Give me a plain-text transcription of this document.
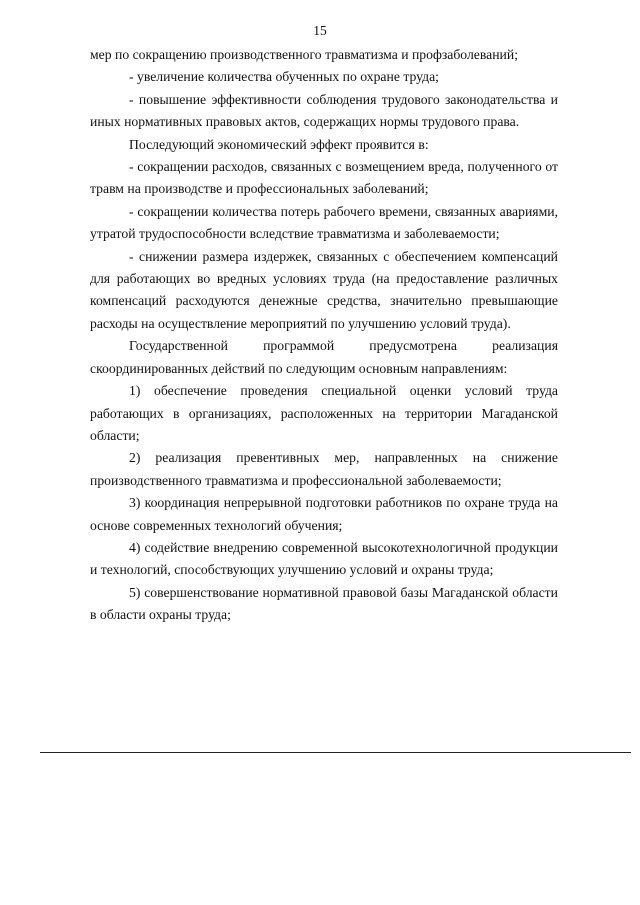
15

мер по сокращению производственного травматизма и профзаболеваний;

- увеличение количества обученных по охране труда;

- повышение эффективности соблюдения трудового законодательства и иных нормативных правовых актов, содержащих нормы трудового права.

Последующий экономический эффект проявится в:

- сокращении расходов, связанных с возмещением вреда, полученного от травм на производстве и профессиональных заболеваний;

- сокращении количества потерь рабочего времени, связанных авариями, утратой трудоспособности вследствие травматизма и заболеваемости;

- снижении размера издержек, связанных с обеспечением компенсаций для работающих во вредных условиях труда (на предоставление различных компенсаций расходуются денежные средства, значительно превышающие расходы на осуществление мероприятий по улучшению условий труда).

Государственной программой предусмотрена реализация скоординированных действий по следующим основным направлениям:

1) обеспечение проведения специальной оценки условий труда работающих в организациях, расположенных на территории Магаданской области;

2) реализация превентивных мер, направленных на снижение производственного травматизма и профессиональной заболеваемости;

3) координация непрерывной подготовки работников по охране труда на основе современных технологий обучения;

4) содействие внедрению современной высокотехнологичной продукции и технологий, способствующих улучшению условий и охраны труда;

5) совершенствование нормативной правовой базы Магаданской области в области охраны труда;
